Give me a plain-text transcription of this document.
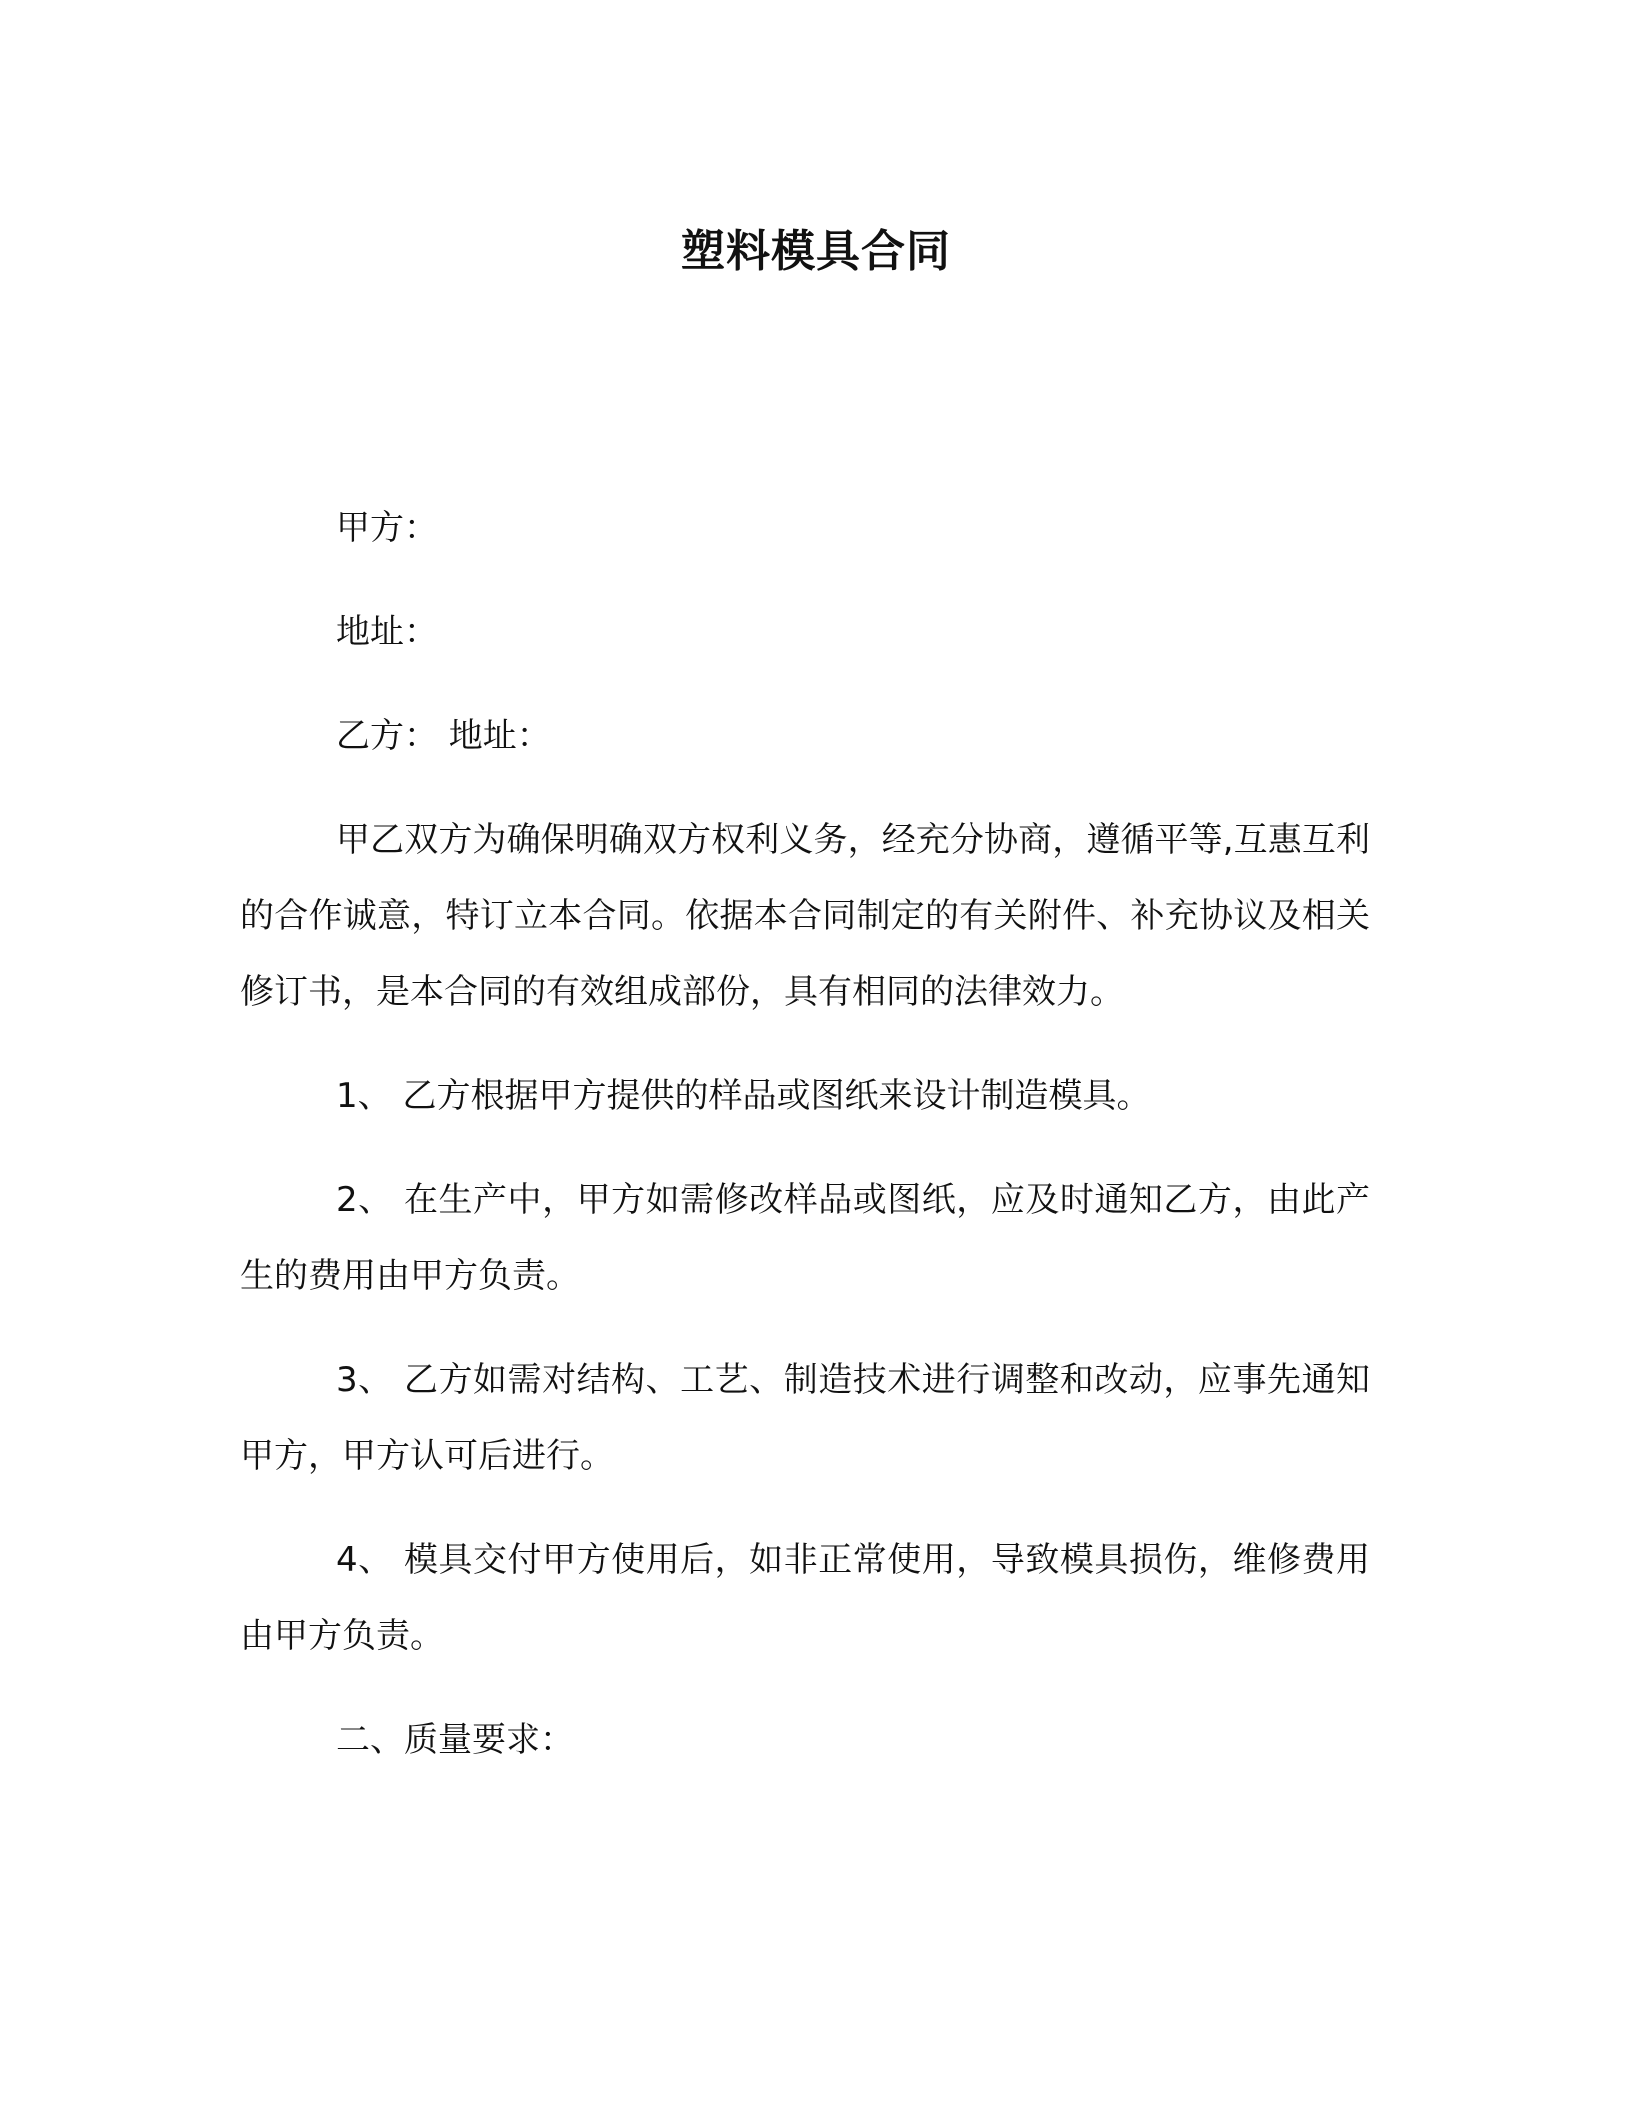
塑料模具合同

甲方：

地址：

乙方： 地址：

甲乙双方为确保明确双方权利义务，经充分协商，遵循平等,互惠互利的合作诚意，特订立本合同。依据本合同制定的有关附件、补充协议及相关修订书，是本合同的有效组成部份，具有相同的法律效力。

1、 乙方根据甲方提供的样品或图纸来设计制造模具。

2、 在生产中，甲方如需修改样品或图纸，应及时通知乙方，由此产生的费用由甲方负责。

3、 乙方如需对结构、工艺、制造技术进行调整和改动，应事先通知甲方，甲方认可后进行。

4、 模具交付甲方使用后，如非正常使用，导致模具损伤，维修费用由甲方负责。

二、质量要求：
